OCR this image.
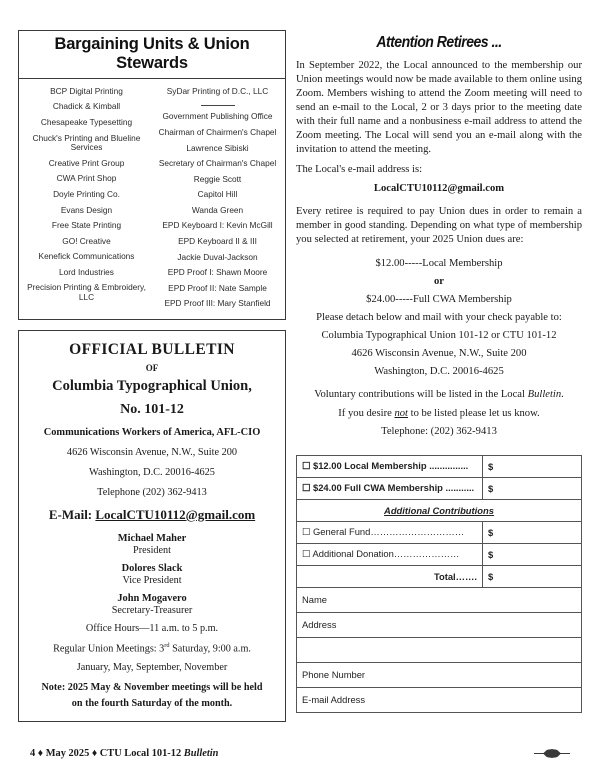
Bargaining Units & Union Stewards
BCP Digital Printing
Chadick & Kimball
Chesapeake Typesetting
Chuck's Printing and Blueline Services
Creative Print Group
CWA Print Shop
Doyle Printing Co.
Evans Design
Free State Printing
GO! Creative
Kenefick Communications
Lord Industries
Precision Printing & Embroidery, LLC
SyDar Printing of D.C., LLC
Government Publishing Office
Chairman of Chairmen's Chapel
Lawrence Sibiski
Secretary of Chairman's Chapel
Reggie Scott
Capitol Hill
Wanda Green
EPD Keyboard I: Kevin McGill
EPD Keyboard II & III
Jackie Duval-Jackson
EPD Proof I: Shawn Moore
EPD Proof II: Nate Sample
EPD Proof III: Mary Stanfield
OFFICIAL BULLETIN
OF
Columbia Typographical Union,
No. 101-12
Communications Workers of America, AFL-CIO
4626 Wisconsin Avenue, N.W., Suite 200
Washington, D.C. 20016-4625
Telephone (202) 362-9413
E-Mail: LocalCTU10112@gmail.com
Michael Maher
President
Dolores Slack
Vice President
John Mogavero
Secretary-Treasurer
Office Hours—11 a.m. to 5 p.m.
Regular Union Meetings: 3rd Saturday, 9:00 a.m.
January, May, September, November
Note: 2025 May & November meetings will be held
on the fourth Saturday of the month.
Attention Retirees ...
In September 2022, the Local announced to the membership our Union meetings would now be made available to them online using Zoom. Members wishing to attend the Zoom meeting will need to send an e-mail to the Local, 2 or 3 days prior to the meeting date with their full name and a nonbusiness e-mail address to attend the Zoom meeting. The Local will send you an e-mail along with the invitation to attend the meeting.
The Local's e-mail address is:
LocalCTU10112@gmail.com
Every retiree is required to pay Union dues in order to remain a member in good standing. Depending on what type of membership you selected at retirement, your 2025 Union dues are:
$12.00-----Local Membership
or
$24.00-----Full CWA Membership
Please detach below and mail with your check payable to:
Columbia Typographical Union 101-12 or CTU 101-12
4626 Wisconsin Avenue, N.W., Suite 200
Washington, D.C. 20016-4625
Voluntary contributions will be listed in the Local Bulletin.
If you desire not to be listed please let us know.
Telephone: (202) 362-9413
☐ $12.00 Local Membership ...............	$
☐ $24.00 Full CWA Membership ...........	$
Additional Contributions	
☐ General Fund…………………………	$
☐ Additional Donation…………………	$
Total…….	$
Name	
Address	

Phone Number	
E-mail Address	
4 ♦ May 2025 ♦ CTU Local 101-12 Bulletin
